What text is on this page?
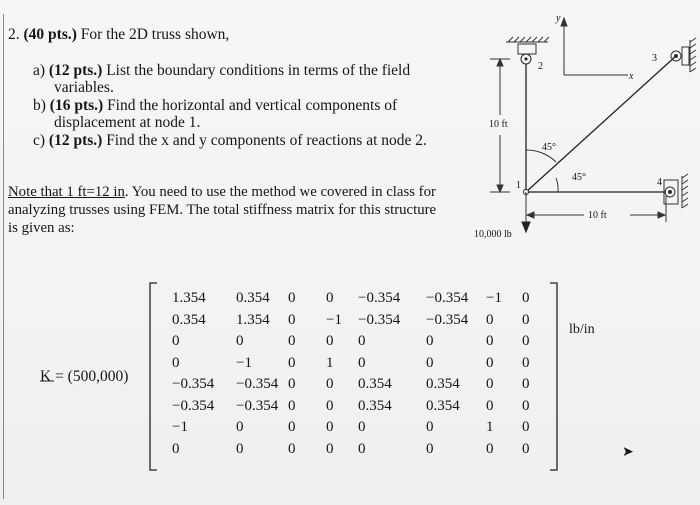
2. (40 pts.) For the 2D truss shown,
a) (12 pts.) List the boundary conditions in terms of the field
variables.
b) (16 pts.) Find the horizontal and vertical components of
displacement at node 1.
c) (12 pts.) Find the x and y components of reactions at node 2.
Note that 1 ft=12 in. You need to use the method we covered in class for
analyzing trusses using FEM. The total stiffness matrix for this structure
is given as:
10 ft
10 ft
45°
45°
10,000 lb
1
2
3
4
x
y
K = (500,000)
1.354 0.354 0 0 −0.354 −0.354 −1 0
0.354 1.354 0 −1 −0.354 −0.354 0 0
0	0	0 0 0	0	0 0
0	−1 0 1 0	0	0 0
−0.354 −0.354 0 0 0.354 0.354 0 0
−0.354 −0.354 0 0 0.354 0.354 0 0
−1	0	0 0 0	0	1 0
0	0	0 0 0	0	0 0
lb/in
➤
